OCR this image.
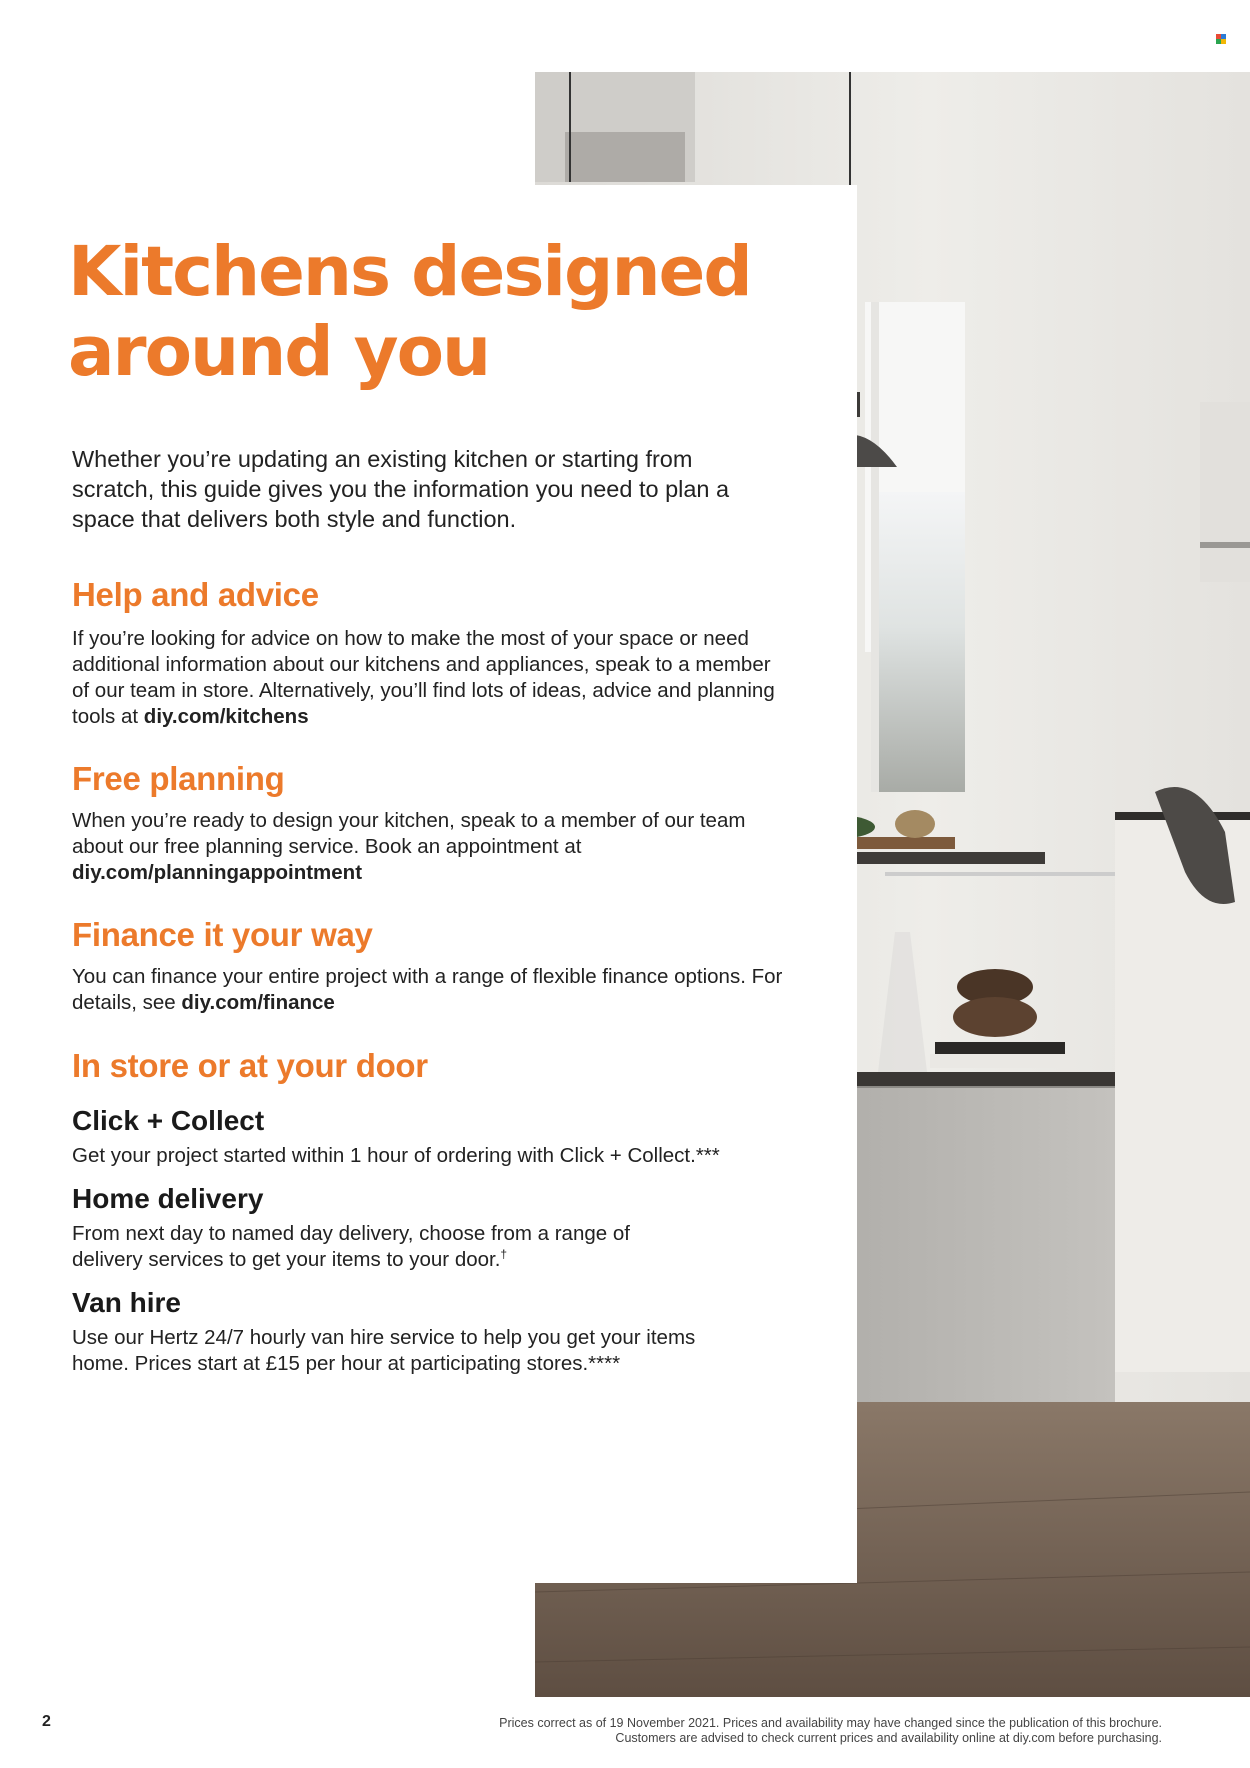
Kitchens designed
around you

Whether you’re updating an existing kitchen or starting from scratch, this guide gives you the information you need to plan a space that delivers both style and function.

Help and advice

If you’re looking for advice on how to make the most of your space or need additional information about our kitchens and appliances, speak to a member of our team in store. Alternatively, you’ll find lots of ideas, advice and planning tools at diy.com/kitchens

Free planning

When you’re ready to design your kitchen, speak to a member of our team about our free planning service. Book an appointment at diy.com/planningappointment

Finance it your way

You can finance your entire project with a range of flexible finance options. For details, see diy.com/finance

In store or at your door
Click + Collect

Get your project started within 1 hour of ordering with Click + Collect.***

Home delivery

From next day to named day delivery, choose from a range of delivery services to get your items to your door.†

Van hire

Use our Hertz 24/7 hourly van hire service to help you get your items home. Prices start at £15 per hour at participating stores.****

2	Prices correct as of 19 November 2021. Prices and availability may have changed since the publication of this brochure.
Customers are advised to check current prices and availability online at diy.com before purchasing.
